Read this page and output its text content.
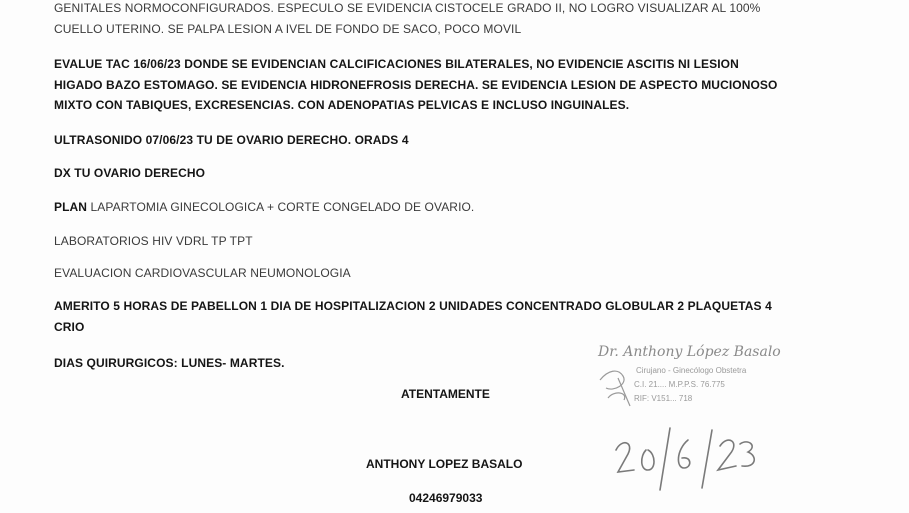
GENITALES NORMOCONFIGURADOS. ESPECULO SE EVIDENCIA CISTOCELE GRADO II, NO LOGRO VISUALIZAR AL 100%
CUELLO UTERINO. SE PALPA LESION A IVEL DE FONDO DE SACO, POCO MOVIL
EVALUE TAC 16/06/23 DONDE SE EVIDENCIAN CALCIFICACIONES BILATERALES, NO EVIDENCIE ASCITIS NI LESION
HIGADO BAZO ESTOMAGO. SE EVIDENCIA HIDRONEFROSIS DERECHA. SE EVIDENCIA LESION DE ASPECTO MUCIONOSO
MIXTO CON TABIQUES, EXCRESENCIAS. CON ADENOPATIAS PELVICAS E INCLUSO INGUINALES.
ULTRASONIDO 07/06/23 TU DE OVARIO DERECHO. ORADS 4
DX TU OVARIO DERECHO
PLAN LAPARTOMIA GINECOLOGICA + CORTE CONGELADO DE OVARIO.
LABORATORIOS HIV VDRL TP TPT
EVALUACION CARDIOVASCULAR NEUMONOLOGIA
AMERITO 5 HORAS DE PABELLON 1 DIA DE HOSPITALIZACION 2 UNIDADES CONCENTRADO GLOBULAR 2 PLAQUETAS 4
CRIO
DIAS QUIRURGICOS: LUNES- MARTES.
ATENTAMENTE
Dr. Anthony López Basalo
Cirujano - Ginecólogo Obstetra
C.I. 21.... M.P.P.S. 76.775
RIF: V151... 718
ANTHONY LOPEZ BASALO
04246979033
